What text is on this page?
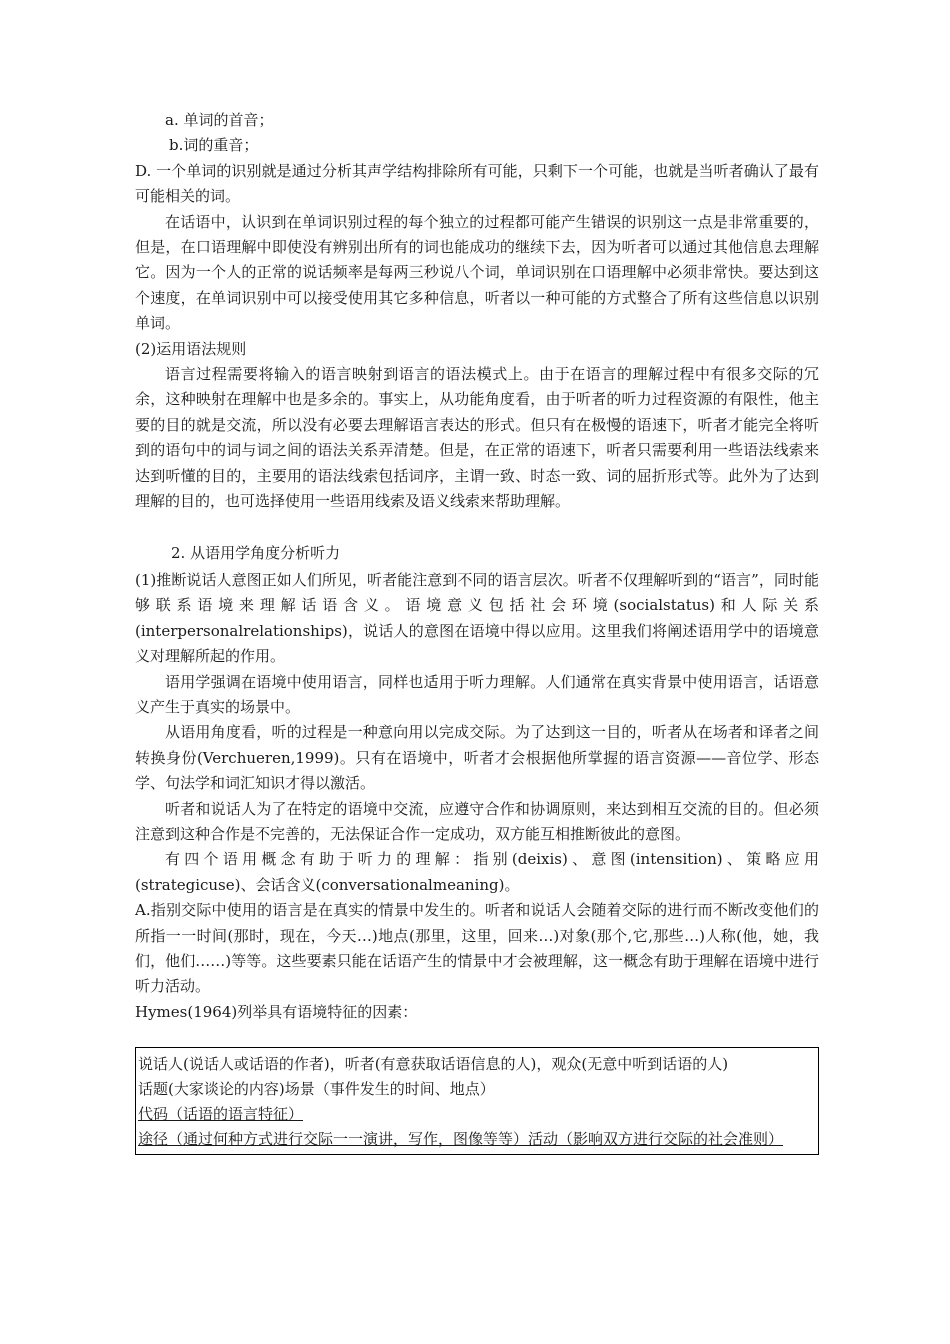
a. 单词的首音；

b.词的重音；

D. 一个单词的识别就是通过分析其声学结构排除所有可能，只剩下一个可能，也就是当听者确认了最有可能相关的词。

在话语中，认识到在单词识别过程的每个独立的过程都可能产生错误的识别这一点是非常重要的，但是，在口语理解中即使没有辨别出所有的词也能成功的继续下去，因为听者可以通过其他信息去理解它。因为一个人的正常的说话频率是每两三秒说八个词，单词识别在口语理解中必须非常快。要达到这个速度，在单词识别中可以接受使用其它多种信息，听者以一种可能的方式整合了所有这些信息以识别单词。

(2)运用语法规则

语言过程需要将输入的语言映射到语言的语法模式上。由于在语言的理解过程中有很多交际的冗余，这种映射在理解中也是多余的。事实上，从功能角度看，由于听者的听力过程资源的有限性，他主要的目的就是交流，所以没有必要去理解语言表达的形式。但只有在极慢的语速下，听者才能完全将听到的语句中的词与词之间的语法关系弄清楚。但是，在正常的语速下，听者只需要利用一些语法线索来达到听懂的目的，主要用的语法线索包括词序，主谓一致、时态一致、词的屈折形式等。此外为了达到理解的目的，也可选择使用一些语用线索及语义线索来帮助理解。

2. 从语用学角度分析听力

(1)推断说话人意图正如人们所见，听者能注意到不同的语言层次。听者不仅理解听到的“语言”，同时能够联系语境来理解话语含义。语境意义包括社会环境(socialstatus)和人际关系(interpersonalrelationships)，说话人的意图在语境中得以应用。这里我们将阐述语用学中的语境意义对理解所起的作用。

语用学强调在语境中使用语言，同样也适用于听力理解。人们通常在真实背景中使用语言，话语意义产生于真实的场景中。

从语用角度看，听的过程是一种意向用以完成交际。为了达到这一目的，听者从在场者和译者之间转换身份(Verchueren,1999)。只有在语境中，听者才会根据他所掌握的语言资源——音位学、形态学、句法学和词汇知识才得以激活。

听者和说话人为了在特定的语境中交流，应遵守合作和协调原则，来达到相互交流的目的。但必须注意到这种合作是不完善的，无法保证合作一定成功，双方能互相推断彼此的意图。

有四个语用概念有助于听力的理解：指别(deixis)、意图(intensition)、策略应用(strategicuse)、会话含义(conversationalmeaning)。

A.指别交际中使用的语言是在真实的情景中发生的。听者和说话人会随着交际的进行而不断改变他们的所指一一时间(那时，现在，今天…)地点(那里，这里，回来…)对象(那个,它,那些…)人称(他，她，我们，他们……)等等。这些要素只能在话语产生的情景中才会被理解，这一概念有助于理解在语境中进行听力活动。

Hymes(1964)列举具有语境特征的因素：

说话人(说话人或话语的作者)，听者(有意获取话语信息的人)，观众(无意中听到话语的人)

话题(大家谈论的内容)场景（事件发生的时间、地点）

代码（话语的语言特征）

途径（通过何种方式进行交际一一演讲，写作，图像等等）活动（影响双方进行交际的社会准则）
